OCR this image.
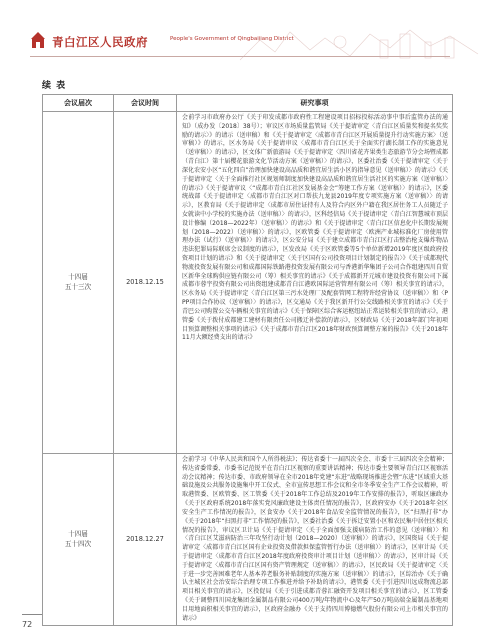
青白江区人民政府	People's Government of Qingbaijiang District
续 表
会议届次	会议时间	研究事项
十四届
五十三次	2018.12.15	会前学习市政府办公厅《关于印发成都市政府性工程建设项目招标投标活动事中事后监管办法的通知》（成办发〔2018〕38号）；审议区市场质量监管局《关于提请审定〈青白江区质量奖和提名奖奖励的请示〉》的请示（送审稿）和《关于提请审定〈成都市青白江区开展质量提升行动实施方案〉（送审稿）》的请示，区水务局《关于提请审议〈成都市青白江区关于全面实行湖长制工作的实施意见（送审稿）〉的请示》，区文体广新旅游局《关于提请审定〈四川省花卉果类生态旅游节分会场暨成都（青白江）第十届樱花旅游文化节活动方案（送审稿）〉的请示》，区委社治委《关于提请审定〈关于深化农安小区“五化四自”治理加快建设高品质和谐宜居生活小区的指导意见（送审稿）〉的请示》《关于提请审定〈关于全面推行社区规划师制度加快建设高品质和谐宜居生活社区的实施方案（送审稿）〉的请示》《关于提请审议〈“成都市青白江社区发展基金会”筹建工作方案（送审稿）〉的请示》，区委统战部《关于提请审定〈成都市青白江区对口帮扶九龙县2019年度专项实施方案（送审稿）〉的请示》，区教育局《关于提请审定〈成都市居住证持有人及符合内区外户籍在我区居住务工人员随迁子女就读中小学校的实施办法（送审稿）〉的请示》，区科经信局《关于提请审定〈青白江智慧城市顶层设计修编（2018—2022年）（送审稿）〉的请示》和《关于提请审定〈青白江区信息化中长期发展规划（2018—2022）（送审稿）〉的请示》，区欧管委《关于提请审定〈欧洲产业城标准化厂房使用管理办法（试行）（送审稿）〉的请示》，区公安分局《关于建立成都市青白江区打击整治枪支爆炸物品违法犯罪局际联席会议制度的请示》，区发改局《关于区欧管委等5个单位新增2019年度区级政府投资项目计划的请示》和《关于提请审定〈关于区国有公司投资项目计划制定的报告〉》《关于成都现代物流投资发展有限公司和成都国际铁路港投资发展有限公司与香港新华集团子公司合作组建四川自贸区新华全球购供应链有限公司（筹）相关事宜的请示》《关于成都新开元城市建设投资有限公司下属成都市蓉宇投资有限公司出资组建成都青白江港欧国际运营管理有限公司（筹）相关事宜的请示》，区水务局《关于提请审定〈青白江区第三污水处理厂及配套管网工程特许经营协议（送审稿）〉和〈PPP项目合作协议（送审稿）〉的请示》，区交通局《关于我区新开行公交线路相关事宜的请示》《关于青巴公司购置公交车辆相关事宜的请示》《关于保障区综合客运枢纽站正常运转相关事宜的请示》，港管委《关于拨付成都建工建材有限责任公司搬迁补偿款的请示》，区财政局《关于2018年部门年初项目预算调整相关事项的请示》《关于成都市青白江区2018年财政预算调整方案的报告》《关于2018年11月大额经费支出的请示》
十四届
五十四次	2018.12.27	会前学习《中华人民共和国个人所得税法》；传达省委十一届四次全会、市委十三届四次全会精神；传达省委常委、市委书记范锐平在青白江区视察的重要讲话精神；传达市委主要领导青白江区视察活动会议精神；传达市委、市政府领导在全市2018年党建“东进”战略现场推进会暨“东进”区域重大基础设施及公共服务设施集中开工仪式、全市宣传思想工作会议和全市冬季安全生产工作会议精神，听取港管委、区欧管委、区工管委《关于2018年工作总结及2019年工作安排的报告》，听取区廉政办《关于区政府系统2018年落实党风廉政建设主体责任情况的报告》，区政府安办《关于2018年全区安全生产工作情况的报告》，区食安办《关于2018年食品安全监管情况的报告》，区“扫黑打非”办《关于2018年“扫黑打非”工作情况的报告》，区委社治委《关于拆迁安置小区和农民集中居住区相关情况的报告》，审议区卫计局《关于提请审定〈关于全面加强支援病防治工作的意见（送审稿）〉和〈青白江区艾滋病防治三年攻坚行动计划（2018—2020）（送审稿）〉的请示》，区国资局《关于提请审定〈成都市青白江区国有企业投资及借款担保监管暂行办法（送审稿）〉的请示》，区审计局《关于提请审定〈成都市青白江区2018年度政府投资审计项目计划（送审稿）〉的请示》，区审计局《关于提请审定〈成都市青白江区国有资产管理规定（送审稿）〉的请示》，区民政局《关于提请审定〈关于进一步完善困难老年人基本养老服务补贴制度的实施方案（送审稿）〉的请示》，区综治办《关于确认主城区社会治安综合治理专项工作推进并给予补助的请示》，港管委《关于引进四川远成物流总部项目相关事宜的请示》，区投促局《关于引进成都青蓉汇融资开发项目相关事宜的请示》，区工管委《关于调整四川国龙集团金属制品有限公司400万吨/年物流中心及年产50万吨高端金属制品基地项目用地面积相关事宜的请示》，区政府金融办《关于支持四川博德燃气股份有限公司上市相关事宜的请示》
72
